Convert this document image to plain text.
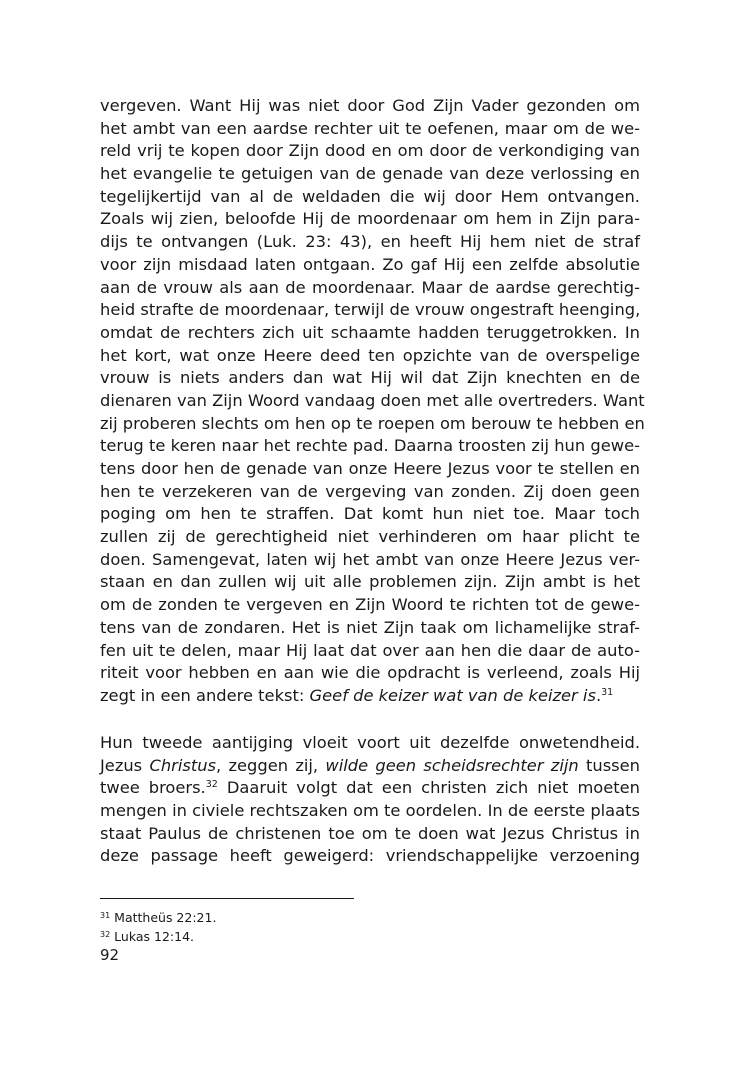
vergeven. Want Hij was niet door God Zijn Vader gezonden om
het ambt van een aardse rechter uit te oefenen, maar om de we-
reld vrij te kopen door Zijn dood en om door de verkondiging van
het evangelie te getuigen van de genade van deze verlossing en
tegelijkertijd van al de weldaden die wij door Hem ontvangen.
Zoals wij zien, beloofde Hij de moordenaar om hem in Zijn para-
dijs te ontvangen (Luk. 23: 43), en heeft Hij hem niet de straf
voor zijn misdaad laten ontgaan. Zo gaf Hij een zelfde absolutie
aan de vrouw als aan de moordenaar. Maar de aardse gerechtig-
heid strafte de moordenaar, terwijl de vrouw ongestraft heenging,
omdat de rechters zich uit schaamte hadden teruggetrokken. In
het kort, wat onze Heere deed ten opzichte van de overspelige
vrouw is niets anders dan wat Hij wil dat Zijn knechten en de
dienaren van Zijn Woord vandaag doen met alle overtreders. Want
zij proberen slechts om hen op te roepen om berouw te hebben en
terug te keren naar het rechte pad. Daarna troosten zij hun gewe-
tens door hen de genade van onze Heere Jezus voor te stellen en
hen te verzekeren van de vergeving van zonden. Zij doen geen
poging om hen te straffen. Dat komt hun niet toe. Maar toch
zullen zij de gerechtigheid niet verhinderen om haar plicht te
doen. Samengevat, laten wij het ambt van onze Heere Jezus ver-
staan en dan zullen wij uit alle problemen zijn. Zijn ambt is het
om de zonden te vergeven en Zijn Woord te richten tot de gewe-
tens van de zondaren. Het is niet Zijn taak om lichamelijke straf-
fen uit te delen, maar Hij laat dat over aan hen die daar de auto-
riteit voor hebben en aan wie die opdracht is verleend, zoals Hij
zegt in een andere tekst: Geef de keizer wat van de keizer is.$^{31}$
Hun tweede aantijging vloeit voort uit dezelfde onwetendheid.
Jezus Christus, zeggen zij, wilde geen scheidsrechter zijn tussen
twee broers.$^{32}$ Daaruit volgt dat een christen zich niet moeten
mengen in civiele rechtszaken om te oordelen. In de eerste plaats
staat Paulus de christenen toe om te doen wat Jezus Christus in
deze passage heeft geweigerd: vriendschappelijke verzoening
$^{31}$ Mattheüs 22:21.
$^{32}$ Lukas 12:14.
92
